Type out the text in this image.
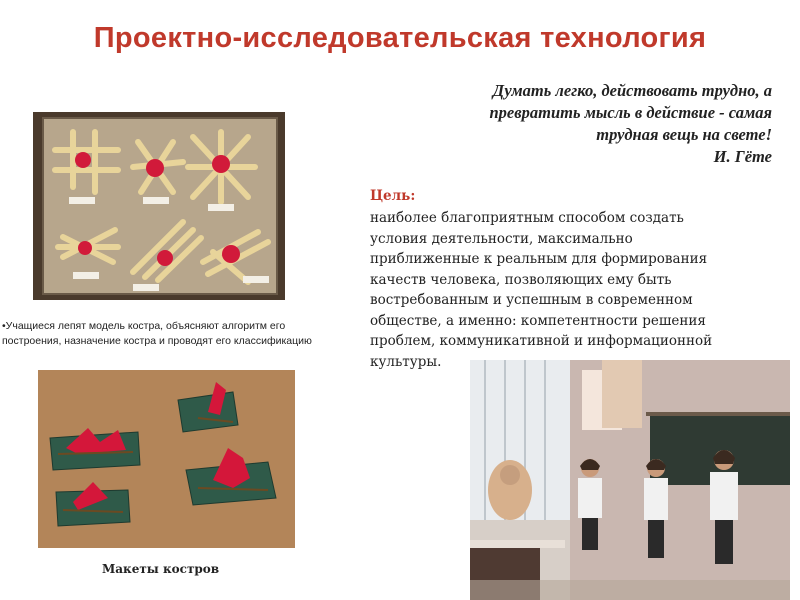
Проектно-исследовательская технология
Думать легко, действовать трудно, а
превратить мысль в действие - самая
трудная вещь на свете!
И. Гёте
Цель:
наиболее благоприятным способом создать
условия деятельности, максимально
приближенные к реальным для формирования
качеств человека, позволяющих ему быть
востребованным и успешным в современном
обществе, а именно: компетентности решения
проблем, коммуникативной и информационной
культуры.
•Учащиеся лепят модель костра, объясняют алгоритм его
построения, назначение костра и проводят его классификацию
Макеты костров
